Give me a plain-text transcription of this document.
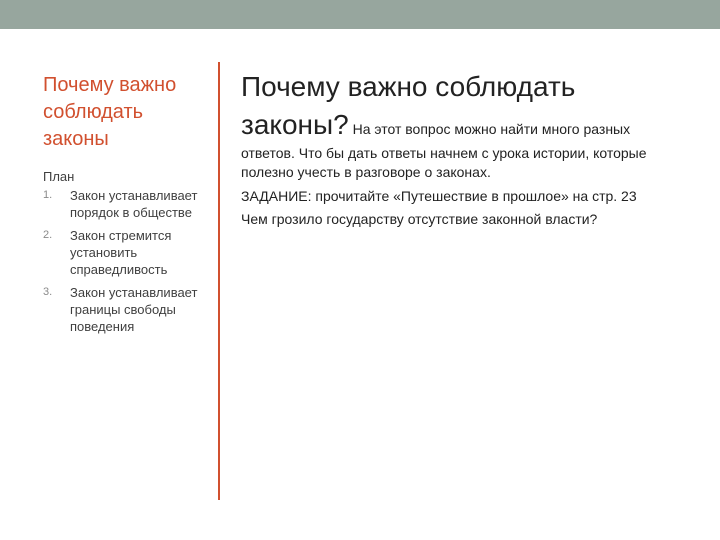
Почему важно соблюдать законы
План
1. Закон устанавливает порядок в обществе
2. Закон стремится установить справедливость
3. Закон устанавливает границы свободы поведения

Почему важно соблюдать законы? На этот вопрос можно найти много разных ответов. Что бы дать ответы начнем с урока истории, которые полезно учесть в разговоре о законах.

ЗАДАНИЕ: прочитайте «Путешествие в прошлое» на стр. 23

Чем грозило государству отсутствие законной власти?
